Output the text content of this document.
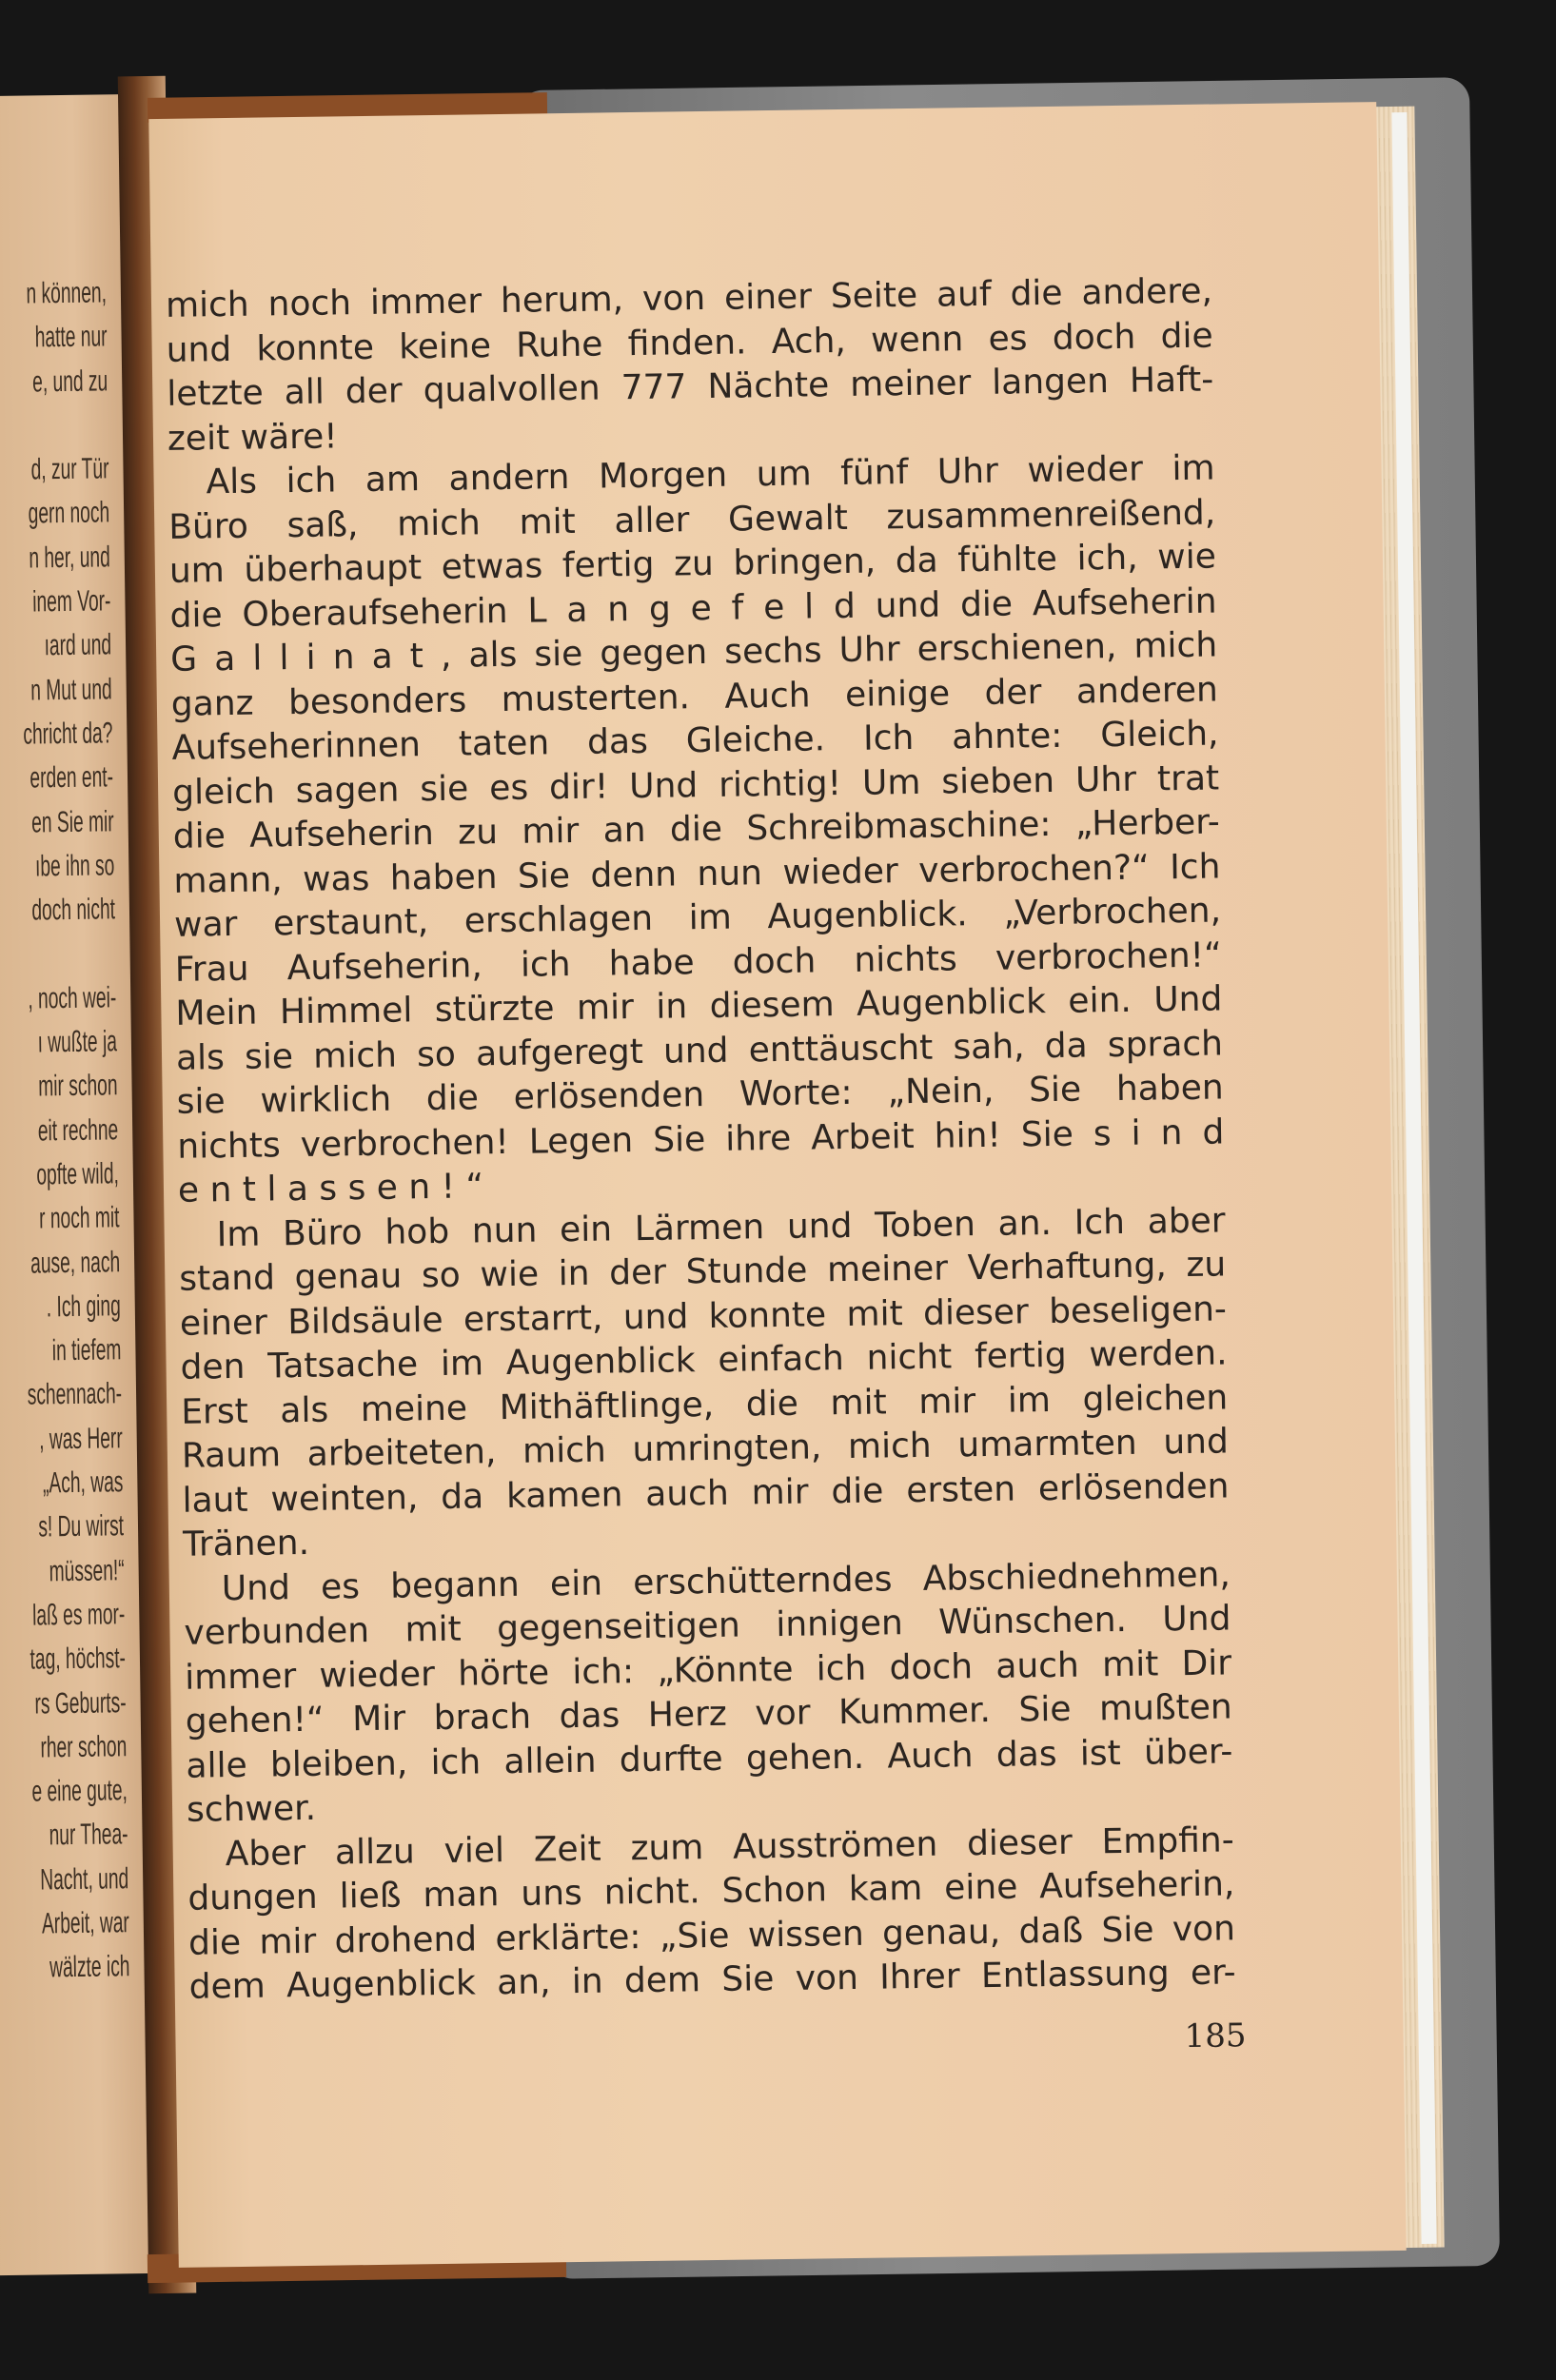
n können,
hatte nur
e, und zu
d, zur Tür
gern noch
n her, und
inem Vor-
ıard und
n Mut und
chricht da?
erden ent-
en Sie mir
ıbe ihn so
doch nicht
, noch wei-
ı wußte ja
mir schon
eit rechne
opfte wild,
r noch mit
ause, nach
. Ich ging
in tiefem
schennach-
, was Herr
„Ach, was
s! Du wirst
müssen!“
laß es mor-
tag, höchst-
rs Geburts-
rher schon
e eine gute,
nur Thea-
Nacht, und
Arbeit, war
wälzte ich
mich noch immer herum, von einer Seite auf die andere,
und konnte keine Ruhe finden. Ach, wenn es doch die
letzte all der qualvollen 777 Nächte meiner langen Haft-
zeit wäre!
Als ich am andern Morgen um fünf Uhr wieder im
Büro saß, mich mit aller Gewalt zusammenreißend,
um überhaupt etwas fertig zu bringen, da fühlte ich, wie
die Oberaufseherin L a n g e f e l d und die Aufseherin
G a l l i n a t , als sie gegen sechs Uhr erschienen, mich
ganz besonders musterten. Auch einige der anderen
Aufseherinnen taten das Gleiche. Ich ahnte: Gleich,
gleich sagen sie es dir! Und richtig! Um sieben Uhr trat
die Aufseherin zu mir an die Schreibmaschine: „Herber-
mann, was haben Sie denn nun wieder verbrochen?“ Ich
war erstaunt, erschlagen im Augenblick. „Verbrochen,
Frau Aufseherin, ich habe doch nichts verbrochen!“
Mein Himmel stürzte mir in diesem Augenblick ein. Und
als sie mich so aufgeregt und enttäuscht sah, da sprach
sie wirklich die erlösenden Worte: „Nein, Sie haben
nichts verbrochen! Legen Sie ihre Arbeit hin! Sie s i n d
e n t l a s s e n ! “
Im Büro hob nun ein Lärmen und Toben an. Ich aber
stand genau so wie in der Stunde meiner Verhaftung, zu
einer Bildsäule erstarrt, und konnte mit dieser beseligen-
den Tatsache im Augenblick einfach nicht fertig werden.
Erst als meine Mithäftlinge, die mit mir im gleichen
Raum arbeiteten, mich umringten, mich umarmten und
laut weinten, da kamen auch mir die ersten erlösenden
Tränen.
Und es begann ein erschütterndes Abschiednehmen,
verbunden mit gegenseitigen innigen Wünschen. Und
immer wieder hörte ich: „Könnte ich doch auch mit Dir
gehen!“ Mir brach das Herz vor Kummer. Sie mußten
alle bleiben, ich allein durfte gehen. Auch das ist über-
schwer.
Aber allzu viel Zeit zum Ausströmen dieser Empfin-
dungen ließ man uns nicht. Schon kam eine Aufseherin,
die mir drohend erklärte: „Sie wissen genau, daß Sie von
dem Augenblick an, in dem Sie von Ihrer Entlassung er-
185
